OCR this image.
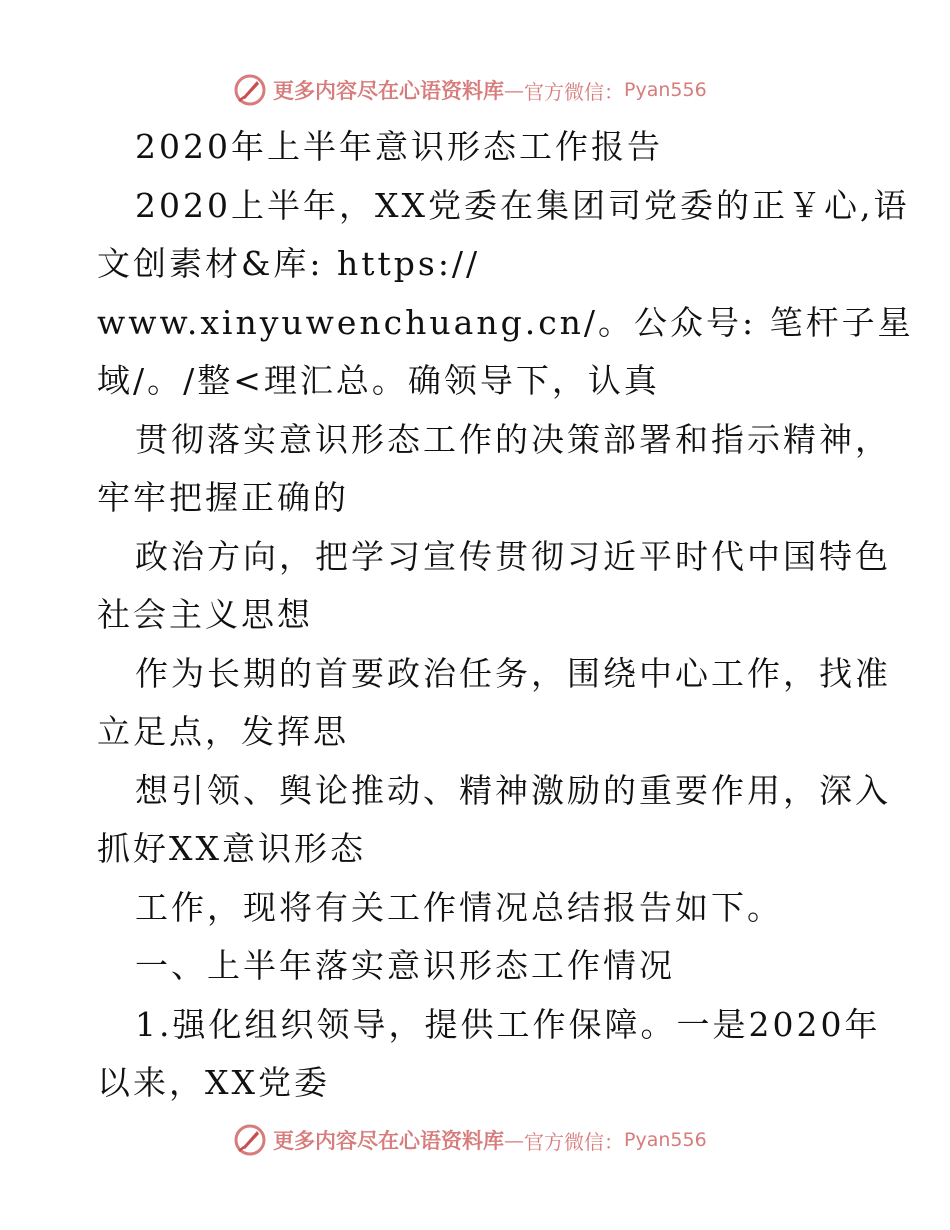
更多内容尽在心语资料库 — 官方微信： Pyan556
2020年上半年意识形态工作报告
2020上半年，XX党委在集团司党委的正￥心,语
文创素材&库: https://
www.xinyuwenchuang.cn/。公众号: 笔杆子星
域/。/整<理汇总。确领导下，认真
贯彻落实意识形态工作的决策部署和指示精神，
牢牢把握正确的
政治方向，把学习宣传贯彻习近平时代中国特色
社会主义思想
作为长期的首要政治任务，围绕中心工作，找准
立足点，发挥思
想引领、舆论推动、精神激励的重要作用，深入
抓好XX意识形态
工作，现将有关工作情况总结报告如下。
一、上半年落实意识形态工作情况
1.强化组织领导，提供工作保障。一是2020年
以来，XX党委
更多内容尽在心语资料库 — 官方微信： Pyan556
